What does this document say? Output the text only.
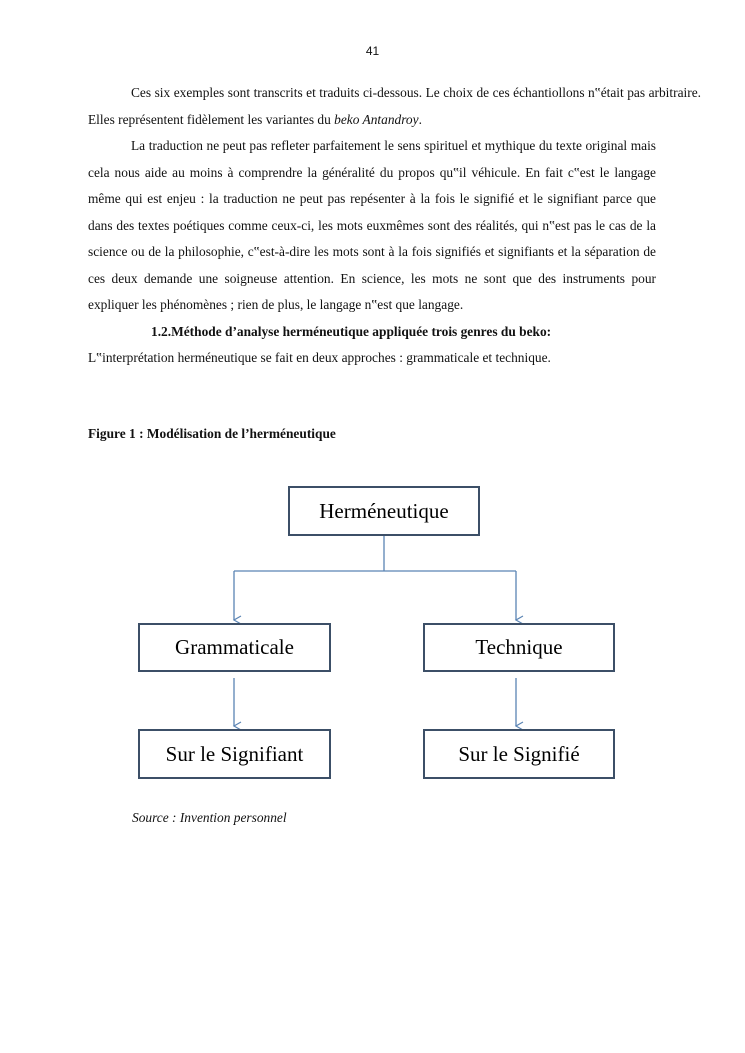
41

Ces six exemples sont transcrits et traduits ci-dessous. Le choix de ces échantiollons n‟était pas arbitraire. Elles représentent fidèlement les variantes du beko Antandroy.

La traduction ne peut pas refleter parfaitement le sens spirituel et mythique du texte original mais cela nous aide au moins à comprendre la généralité du propos qu‟il véhicule. En fait c‟est le langage même qui est enjeu : la traduction ne peut pas repésenter à la fois le signifié et le signifiant parce que dans des textes poétiques comme ceux-ci, les mots euxmêmes sont des réalités, qui n‟est pas le cas de la science ou de la philosophie, c‟est-à-dire les mots sont à la fois signifiés et signifiants et la séparation de ces deux demande une soigneuse attention. En science, les mots ne sont que des instruments pour expliquer les phénomènes ; rien de plus, le langage n‟est que langage.

1.2.Méthode d’analyse herméneutique appliquée trois genres du beko:

L‟interprétation herméneutique se fait en deux approches : grammaticale et technique.

Figure 1 : Modélisation de l’herméneutique
Herméneutique
Grammaticale	Technique
Sur le Signifiant	Sur le Signifié
Source : Invention personnel
